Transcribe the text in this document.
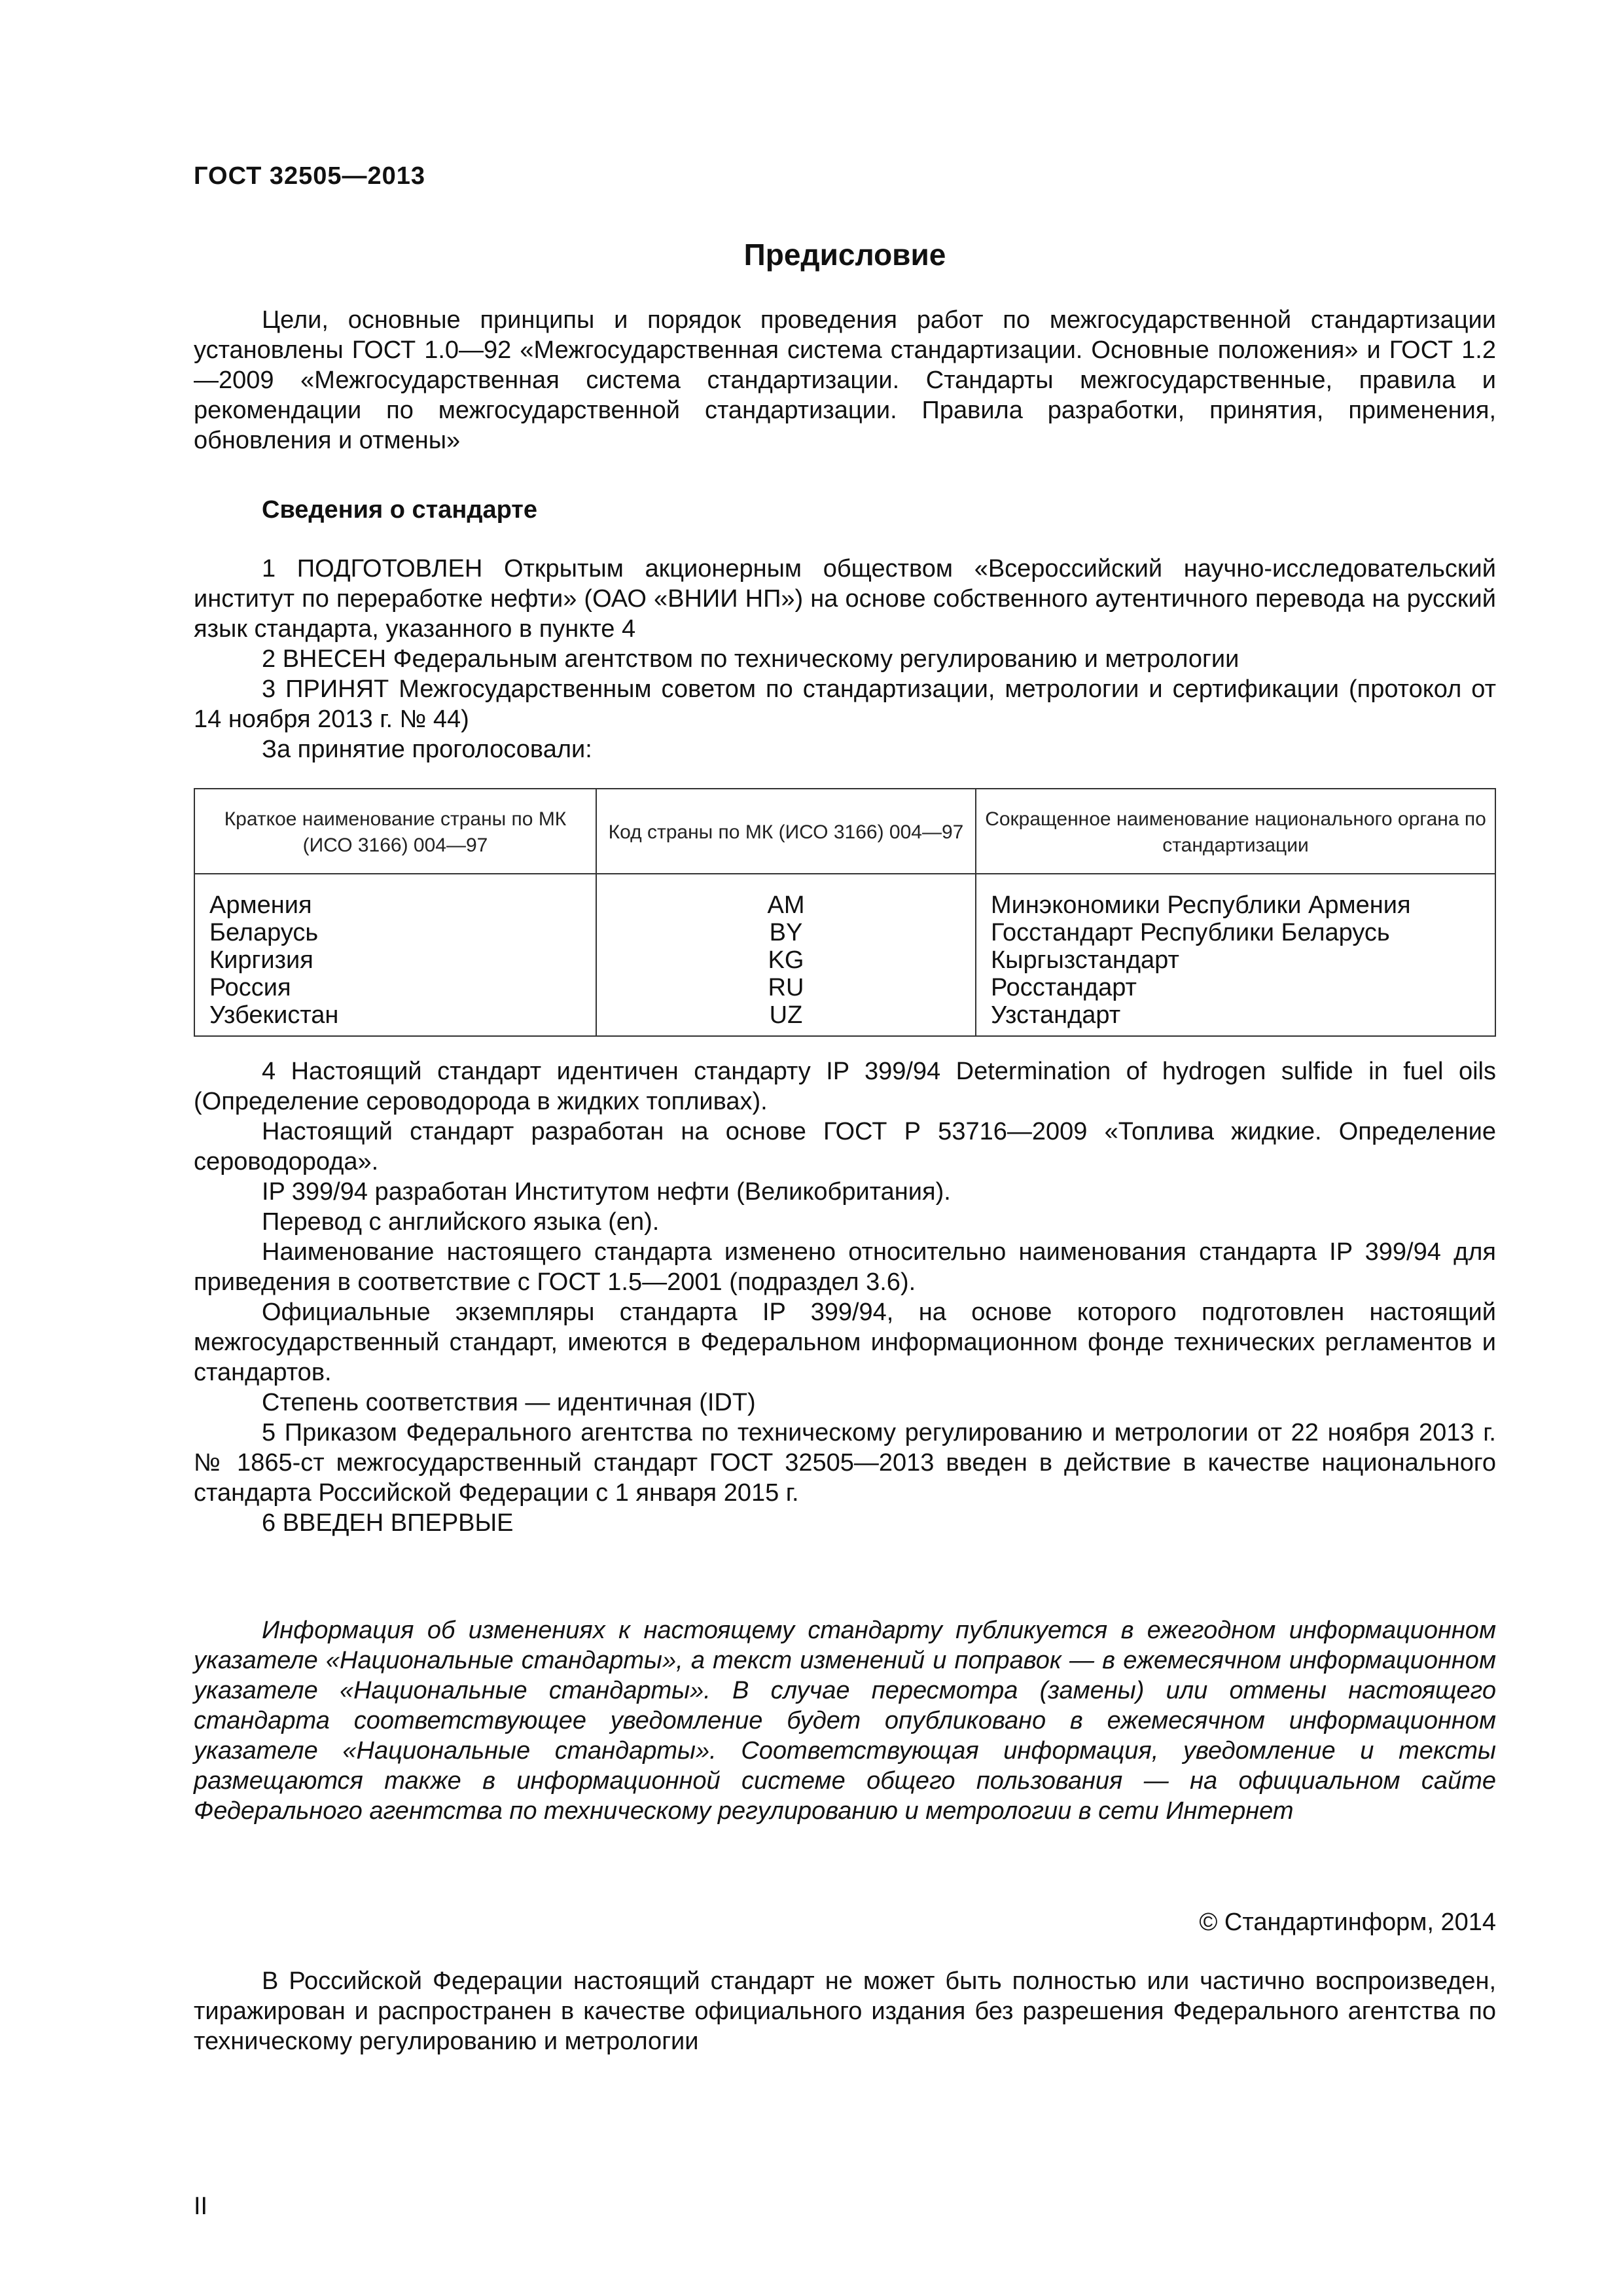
ГОСТ 32505—2013
Предисловие

Цели, основные принципы и порядок проведения работ по межгосударственной стандартизации установлены ГОСТ 1.0—92 «Межгосударственная система стандартизации. Основные положения» и ГОСТ 1.2—2009 «Межгосударственная система стандартизации. Стандарты межгосударственные, правила и рекомендации по межгосударственной стандартизации. Правила разработки, принятия, применения, обновления и отмены»

Сведения о стандарте

1 ПОДГОТОВЛЕН Открытым акционерным обществом «Всероссийский научно-исследовательский институт по переработке нефти» (ОАО «ВНИИ НП») на основе собственного аутентичного перевода на русский язык стандарта, указанного в пункте 4

2 ВНЕСЕН Федеральным агентством по техническому регулированию и метрологии

3 ПРИНЯТ Межгосударственным советом по стандартизации, метрологии и сертификации (протокол от 14 ноября 2013 г. № 44)

За принятие проголосовали:

Краткое наименование страны по МК (ИСО 3166) 004—97	Код страны по МК (ИСО 3166) 004—97	Сокращенное наименование национального органа по стандартизации
Армения	AM	Минэкономики Республики Армения
Беларусь	BY	Госстандарт Республики Беларусь
Киргизия	KG	Кыргызстандарт
Россия	RU	Росстандарт
Узбекистан	UZ	Узстандарт

4 Настоящий стандарт идентичен стандарту IP 399/94 Determination of hydrogen sulfide in fuel oils (Определение сероводорода в жидких топливах).

Настоящий стандарт разработан на основе ГОСТ Р 53716—2009 «Топлива жидкие. Определение сероводорода».

IP 399/94 разработан Институтом нефти (Великобритания).

Перевод с английского языка (en).

Наименование настоящего стандарта изменено относительно наименования стандарта IP 399/94 для приведения в соответствие с ГОСТ 1.5—2001 (подраздел 3.6).

Официальные экземпляры стандарта IP 399/94, на основе которого подготовлен настоящий межгосударственный стандарт, имеются в Федеральном информационном фонде технических регламентов и стандартов.

Степень соответствия — идентичная (IDT)

5 Приказом Федерального агентства по техническому регулированию и метрологии от 22 ноября 2013 г. № 1865-ст межгосударственный стандарт ГОСТ 32505—2013 введен в действие в качестве национального стандарта Российской Федерации с 1 января 2015 г.

6 ВВЕДЕН ВПЕРВЫЕ

Информация об изменениях к настоящему стандарту публикуется в ежегодном информационном указателе «Национальные стандарты», а текст изменений и поправок — в ежемесячном информационном указателе «Национальные стандарты». В случае пересмотра (замены) или отмены настоящего стандарта соответствующее уведомление будет опубликовано в ежемесячном информационном указателе «Национальные стандарты». Соответствующая информация, уведомление и тексты размещаются также в информационной системе общего пользования — на официальном сайте Федерального агентства по техническому регулированию и метрологии в сети Интернет

© Стандартинформ, 2014

В Российской Федерации настоящий стандарт не может быть полностью или частично воспроизведен, тиражирован и распространен в качестве официального издания без разрешения Федерального агентства по техническому регулированию и метрологии

II
